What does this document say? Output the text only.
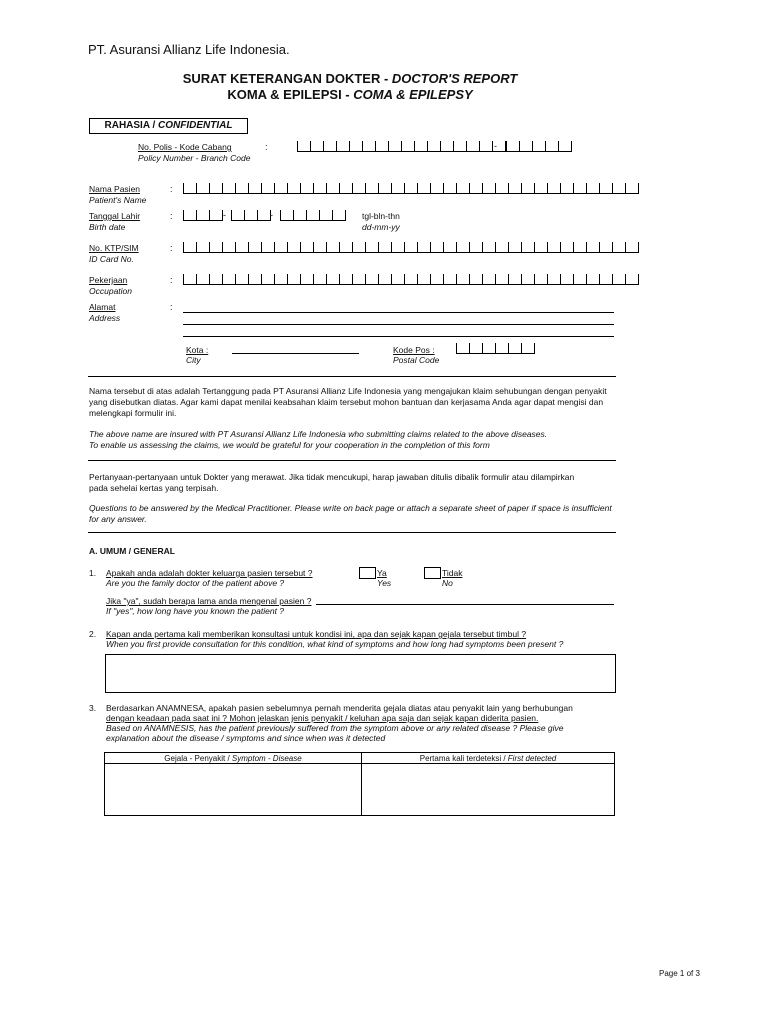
PT. Asuransi Allianz Life Indonesia.
SURAT KETERANGAN DOKTER - DOCTOR'S REPORT
KOMA & EPILEPSI - COMA & EPILEPSY
RAHASIA / CONFIDENTIAL
No. Polis - Kode Cabang
Policy Number - Branch Code
:	-
Nama Pasien
Patient's Name
:
Tanggal Lahir
Birth date
:	-	-	tgl-bln-thn
dd-mm-yy
No. KTP/SIM
ID Card No.
:
Pekerjaan
Occupation
:
Alamat
Address
:
Kota :
City
Kode Pos :
Postal Code
Nama tersebut di atas adalah Tertanggung pada PT Asuransi Allianz Life Indonesia yang mengajukan klaim sehubungan dengan penyakit yang disebutkan diatas. Agar kami dapat menilai keabsahan klaim tersebut mohon bantuan dan kerjasama Anda agar dapat mengisi dan melengkapi formulir ini.
The above name are insured with PT Asuransi Allianz Life Indonesia who submitting claims related to the above diseases.
To enable us assessing the claims, we would be grateful for your cooperation in the completion of this form
Pertanyaan-pertanyaan untuk Dokter yang merawat. Jika tidak mencukupi, harap jawaban ditulis dibalik formulir atau dilampirkan pada sehelai kertas yang terpisah.
Questions to be answered by the Medical Practitioner. Please write on back page or attach a separate sheet of paper if space is insufficient for any answer.
A. UMUM / GENERAL
1. Apakah anda adalah dokter keluarga pasien tersebut ?
Are you the family doctor of the patient above ?
Ya
Yes
Tidak
No
Jika "ya", sudah berapa lama anda mengenal pasien ?
If "yes", how long have you known the patient ?
2. Kapan anda pertama kali memberikan konsultasi untuk kondisi ini, apa dan sejak kapan gejala tersebut timbul ?
When you first provide consultation for this condition, what kind of symptoms and how long had symptoms been present ?
3. Berdasarkan ANAMNESA, apakah pasien sebelumnya pernah menderita gejala diatas atau penyakit lain yang berhubungan
dengan keadaan pada saat ini ? Mohon jelaskan jenis penyakit / keluhan apa saja dan sejak kapan diderita pasien.
Based on ANAMNESIS, has the patient previously suffered from the symptom above or any related disease ? Please give
explanation about the disease / symptoms and since when was it detected
Gejala - Penyakit / Symptom - Disease	Pertama kali terdeteksi / First detected

Page 1 of 3
